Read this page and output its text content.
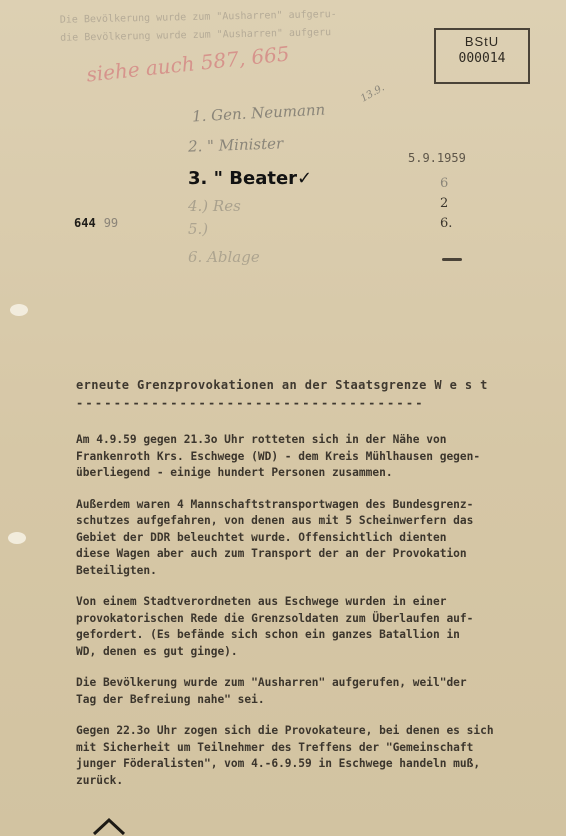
Die Bevölkerung wurde zum "Ausharren" aufgeru-
die Bevölkerung wurde zum "Ausharren" aufgeru	BStU
000014
siehe auch 587, 665
13.9.
1. Gen. Neumann
2. " Minister
3. " Beater✓
4.) Res
5.)
6. Ablage
644 99
5.9.1959
6
2
6.
erneute Grenzprovokationen an der Staatsgrenze W e s t
-------------------------------------

Am 4.9.59 gegen 21.3o Uhr rotteten sich in der Nähe von
Frankenroth Krs. Eschwege (WD) - dem Kreis Mühlhausen gegen-
überliegend - einige hundert Personen zusammen.

Außerdem waren 4 Mannschaftstransportwagen des Bundesgrenz-
schutzes aufgefahren, von denen aus mit 5 Scheinwerfern das
Gebiet der DDR beleuchtet wurde. Offensichtlich dienten
diese Wagen aber auch zum Transport der an der Provokation
Beteiligten.

Von einem Stadtverordneten aus Eschwege wurden in einer
provokatorischen Rede die Grenzsoldaten zum Überlaufen auf-
gefordert. (Es befände sich schon ein ganzes Batallion in
WD, denen es gut ginge).

Die Bevölkerung wurde zum "Ausharren" aufgerufen, weil"der
Tag der Befreiung nahe" sei.

Gegen 22.3o Uhr zogen sich die Provokateure, bei denen es sich
mit Sicherheit um Teilnehmer des Treffens der "Gemeinschaft
junger Föderalisten", vom 4.-6.9.59 in Eschwege handeln muß,
zurück.
